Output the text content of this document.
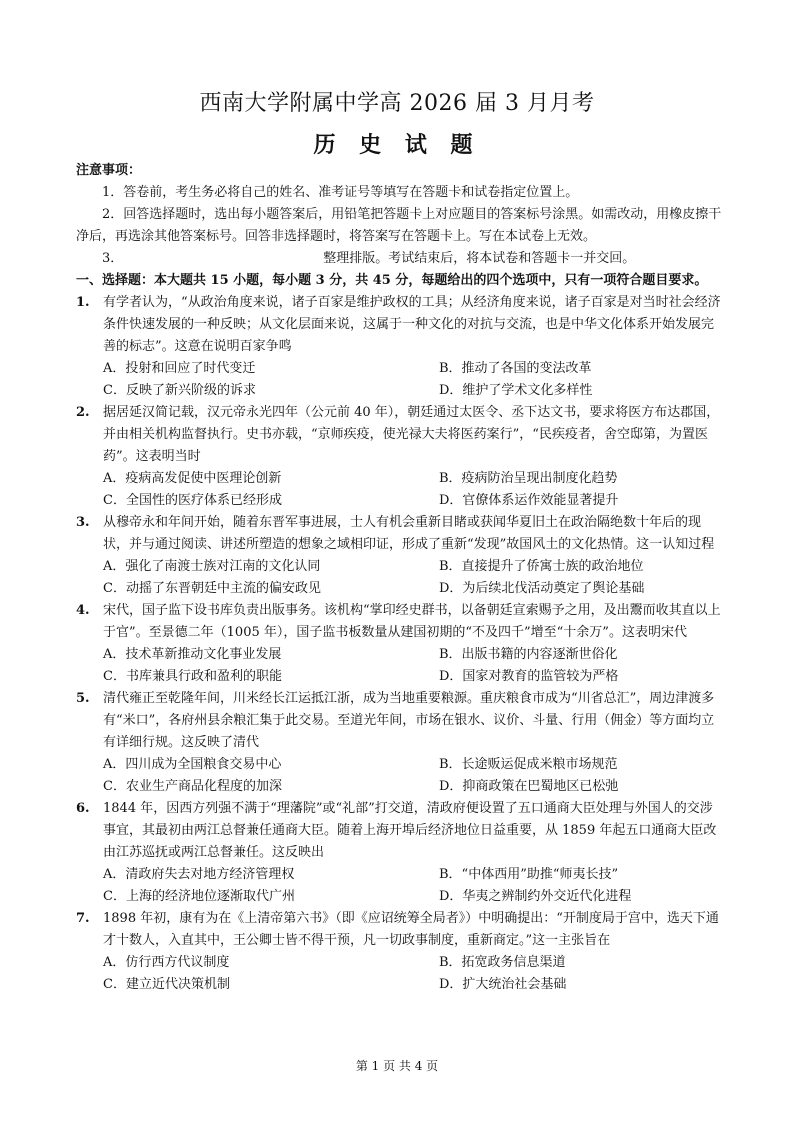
西南大学附属中学高 2026 届 3 月月考
历 史 试 题
注意事项：
1．答卷前，考生务必将自己的姓名、准考证号等填写在答题卡和试卷指定位置上。
2．回答选择题时，选出每小题答案后，用铅笔把答题卡上对应题目的答案标号涂黑。如需改动，用橡皮擦干净后，再选涂其他答案标号。回答非选择题时，将答案写在答题卡上。写在本试卷上无效。
3．	整理排版。考试结束后，将本试卷和答题卡一并交回。
一、选择题：本大题共 15 小题，每小题 3 分，共 45 分，每题给出的四个选项中，只有一项符合题目要求。
1. 有学者认为，“从政治角度来说，诸子百家是维护政权的工具；从经济角度来说，诸子百家是对当时社会经济条件快速发展的一种反映；从文化层面来说，这属于一种文化的对抗与交流，也是中华文化体系开始发展完善的标志”。这意在说明百家争鸣
A．投射和回应了时代变迁	B．推动了各国的变法改革
C．反映了新兴阶级的诉求	D．维护了学术文化多样性
2. 据居延汉简记载，汉元帝永光四年（公元前 40 年），朝廷通过太医令、丞下达文书，要求将医方布达郡国，并由相关机构监督执行。史书亦载，“京师疾疫，使光禄大夫将医药案行”，“民疾疫者，舍空邸第，为置医药”。这表明当时
A．疫病高发促使中医理论创新	B．疫病防治呈现出制度化趋势
C．全国性的医疗体系已经形成	D．官僚体系运作效能显著提升
3. 从穆帝永和年间开始，随着东晋军事进展，士人有机会重新目睹或获闻华夏旧土在政治隔绝数十年后的现状，并与通过阅读、讲述所塑造的想象之域相印证，形成了重新“发现”故国风土的文化热情。这一认知过程
A．强化了南渡士族对江南的文化认同	B．直接提升了侨寓士族的政治地位
C．动摇了东晋朝廷中主流的偏安政见	D．为后续北伐活动奠定了舆论基础
4. 宋代，国子监下设书库负责出版事务。该机构“掌印经史群书，以备朝廷宣索赐予之用，及出鬻而收其直以上于官”。至景德二年（1005 年），国子监书板数量从建国初期的“不及四千”增至“十余万”。这表明宋代
A．技术革新推动文化事业发展	B．出版书籍的内容逐渐世俗化
C．书库兼具行政和盈利的职能	D．国家对教育的监管较为严格
5. 清代雍正至乾隆年间，川米经长江运抵江浙，成为当地重要粮源。重庆粮食市成为“川省总汇”，周边津渡多有“米口”，各府州县余粮汇集于此交易。至道光年间，市场在银水、议价、斗量、行用（佣金）等方面均立有详细行规。这反映了清代
A．四川成为全国粮食交易中心	B．长途贩运促成米粮市场规范
C．农业生产商品化程度的加深	D．抑商政策在巴蜀地区已松弛
6. 1844 年，因西方列强不满于“理藩院”或“礼部”打交道，清政府便设置了五口通商大臣处理与外国人的交涉事宜，其最初由两江总督兼任通商大臣。随着上海开埠后经济地位日益重要，从 1859 年起五口通商大臣改由江苏巡抚或两江总督兼任。这反映出
A．清政府失去对地方经济管理权	B．“中体西用”助推“师夷长技”
C．上海的经济地位逐渐取代广州	D．华夷之辨制约外交近代化进程
7. 1898 年初，康有为在《上清帝第六书》（即《应诏统筹全局者》）中明确提出：“开制度局于宫中，选天下通才十数人，入直其中，王公卿士皆不得干预，凡一切政事制度，重新商定。”这一主张旨在
A．仿行西方代议制度	B．拓宽政务信息渠道
C．建立近代决策机制	D．扩大统治社会基础
第 1 页 共 4 页
